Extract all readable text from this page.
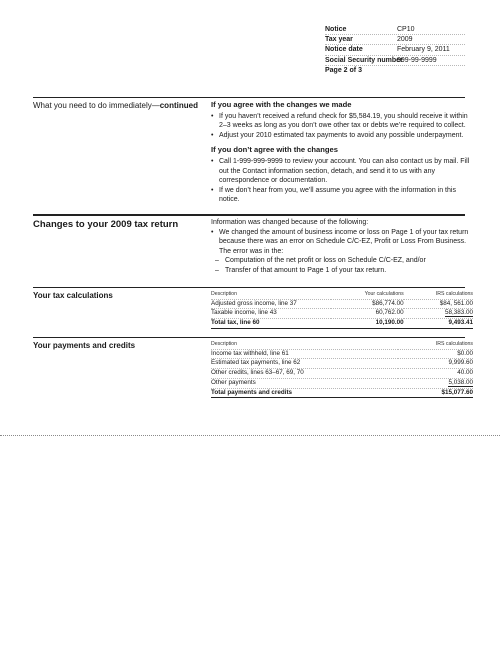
Notice	CP10
Tax year	2009
Notice date	February 9, 2011
Social Security number
999-99-9999
Page 2 of 3
What you need to do immediately—continued If you agree with the changes we made
• If you haven’t received a refund check for $5,584.19, you should receive it within 2–3 weeks as long as you don’t owe other tax or debts we’re required to collect.
• Adjust your 2010 estimated tax payments to avoid any possible underpayment.
If you don’t agree with the changes
• Call 1-999-999-9999 to review your account. You can also contact us by mail. Fill out the Contact information section, detach, and send it to us with any correspondence or documentation.
• If we don’t hear from you, we’ll assume you agree with the information in this notice.
Changes to your 2009 tax return	Information was changed because of the following:

• We changed the amount of business income or loss on Page 1 of your tax return because there was an error on Schedule C/C-EZ, Profit or Loss From Business. The error was in the:
– Computation of the net profit or loss on Schedule C/C-EZ, and/or
– Transfer of that amount to Page 1 of your tax return.
Your tax calculations	Description	Your calculations	IRS calculations
Adjusted gross income, line 37	$86,774.00	$84, 561.00
Taxable income, line 43	60,762.00	58,383.00
Total tax, line 60	10,190.00	9,493.41
Your payments and credits	Description	IRS calculations
Income tax withheld, line 61	$0.00
Estimated tax payments, line 62	9,999.60
Other credits, lines 63–67, 69, 70	40.00
Other payments	5,038.00
Total payments and credits	$15,077.60
